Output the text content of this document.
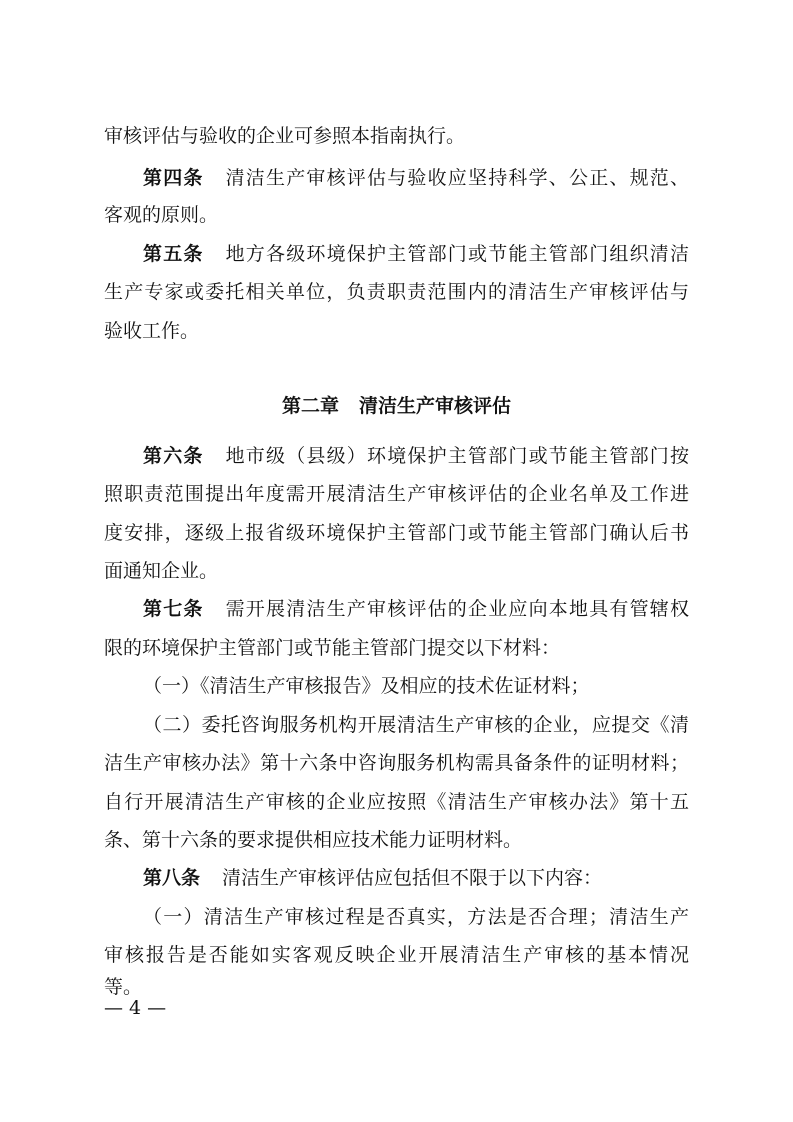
审核评估与验收的企业可参照本指南执行。
第四条 清洁生产审核评估与验收应坚持科学、公正、规范、
客观的原则。
第五条 地方各级环境保护主管部门或节能主管部门组织清洁
生产专家或委托相关单位，负责职责范围内的清洁生产审核评估与
验收工作。
第二章 清洁生产审核评估
第六条 地市级（县级）环境保护主管部门或节能主管部门按
照职责范围提出年度需开展清洁生产审核评估的企业名单及工作进
度安排，逐级上报省级环境保护主管部门或节能主管部门确认后书
面通知企业。
第七条 需开展清洁生产审核评估的企业应向本地具有管辖权
限的环境保护主管部门或节能主管部门提交以下材料：
（一）《清洁生产审核报告》及相应的技术佐证材料；
（二）委托咨询服务机构开展清洁生产审核的企业，应提交《清
洁生产审核办法》第十六条中咨询服务机构需具备条件的证明材料；
自行开展清洁生产审核的企业应按照《清洁生产审核办法》第十五
条、第十六条的要求提供相应技术能力证明材料。
第八条 清洁生产审核评估应包括但不限于以下内容：
（一）清洁生产审核过程是否真实，方法是否合理；清洁生产
审核报告是否能如实客观反映企业开展清洁生产审核的基本情况
等。
— 4 —
